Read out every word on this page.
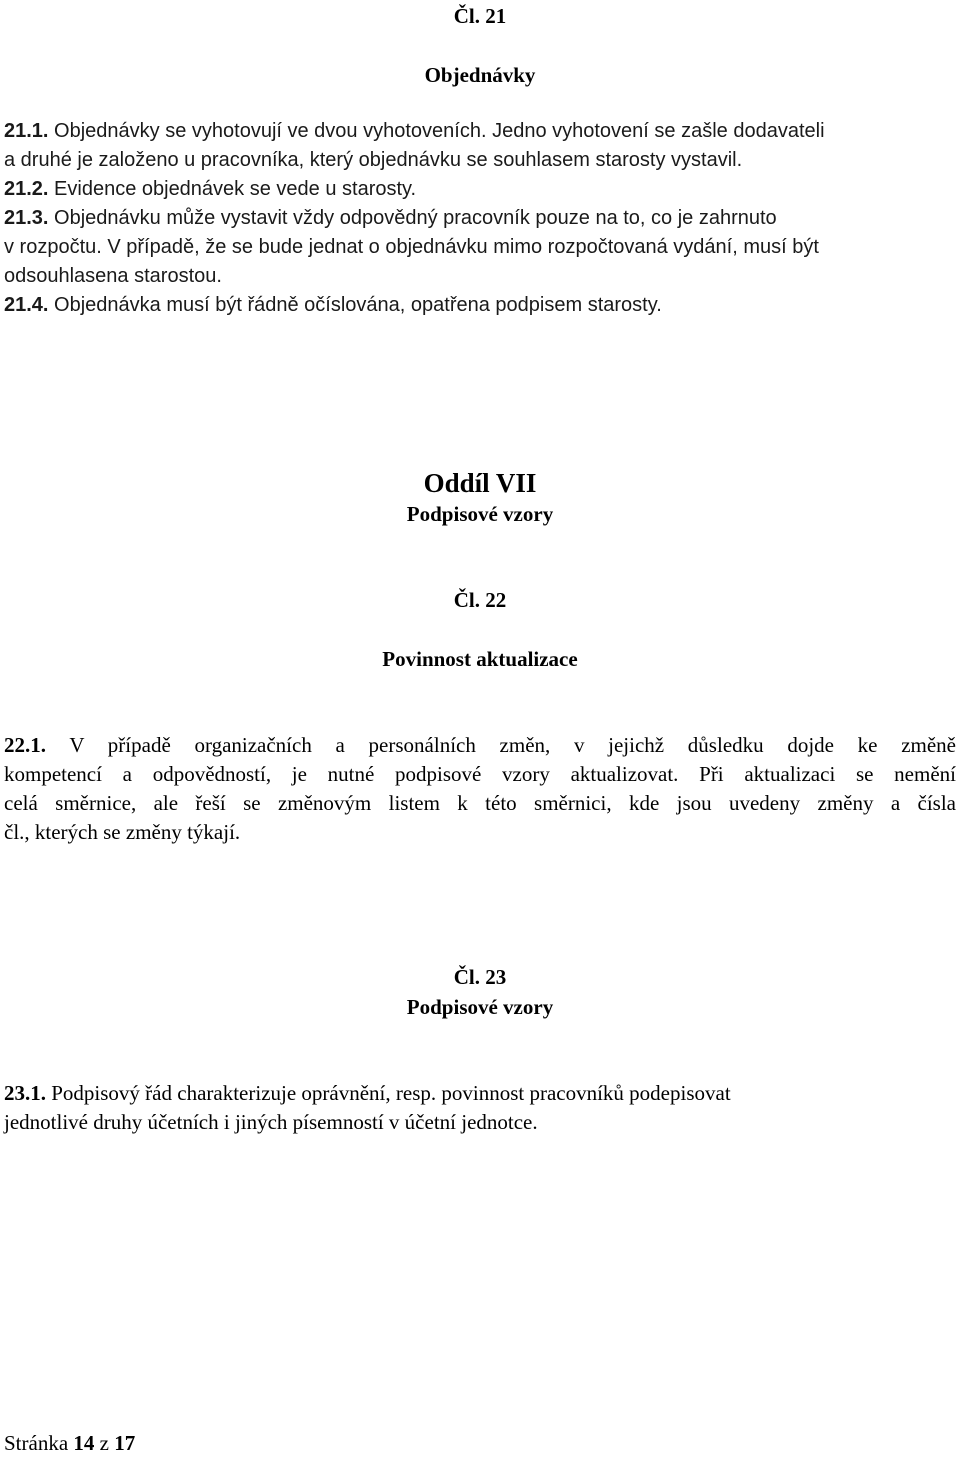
Čl. 21
Objednávky
21.1. Objednávky se vyhotovují ve dvou vyhotoveních. Jedno vyhotovení se zašle dodavateli
a druhé je založeno u pracovníka, který objednávku se souhlasem starosty vystavil.
21.2. Evidence objednávek se vede u starosty.
21.3. Objednávku může vystavit vždy odpovědný pracovník pouze na to, co je zahrnuto
v rozpočtu. V případě, že se bude jednat o objednávku mimo rozpočtovaná vydání, musí být
odsouhlasena starostou.
21.4. Objednávka musí být řádně očíslována, opatřena podpisem starosty.
Oddíl VII
Podpisové vzory
Čl. 22
Povinnost aktualizace
22.1. V případě organizačních a personálních změn, v jejichž důsledku dojde ke změně
kompetencí a odpovědností, je nutné podpisové vzory aktualizovat. Při aktualizaci se nemění
celá směrnice, ale řeší se změnovým listem k této směrnici, kde jsou uvedeny změny a čísla
čl., kterých se změny týkají.
Čl. 23
Podpisové vzory
23.1. Podpisový řád charakterizuje oprávnění, resp. povinnost pracovníků podepisovat
jednotlivé druhy účetních i jiných písemností v účetní jednotce.
Stránka 14 z 17
